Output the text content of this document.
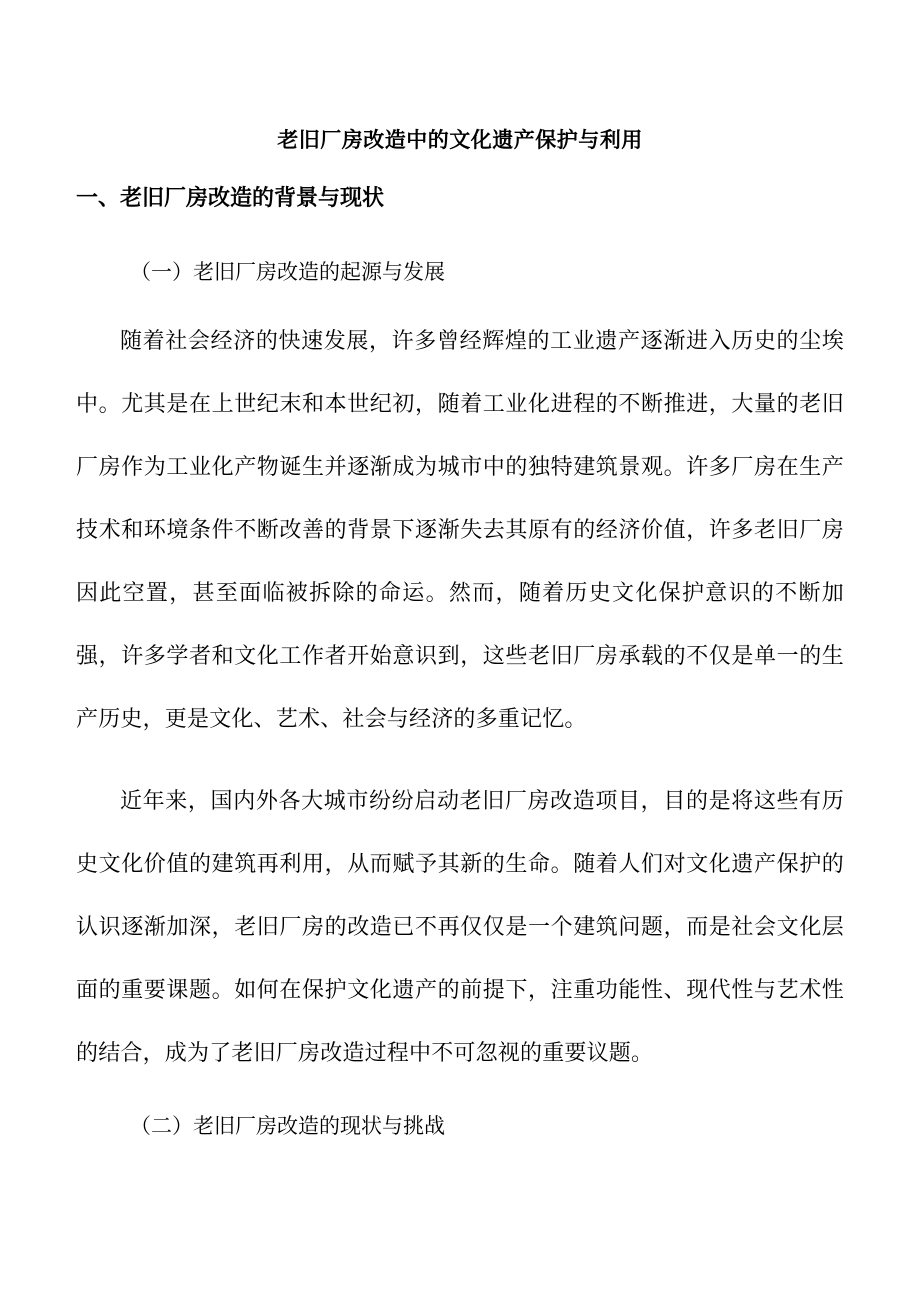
老旧厂房改造中的文化遗产保护与利用
一、老旧厂房改造的背景与现状
（一）老旧厂房改造的起源与发展

随着社会经济的快速发展，许多曾经辉煌的工业遗产逐渐进入历史的尘埃中。尤其是在上世纪末和本世纪初，随着工业化进程的不断推进，大量的老旧厂房作为工业化产物诞生并逐渐成为城市中的独特建筑景观。许多厂房在生产技术和环境条件不断改善的背景下逐渐失去其原有的经济价值，许多老旧厂房因此空置，甚至面临被拆除的命运。然而，随着历史文化保护意识的不断加强，许多学者和文化工作者开始意识到，这些老旧厂房承载的不仅是单一的生产历史，更是文化、艺术、社会与经济的多重记忆。

近年来，国内外各大城市纷纷启动老旧厂房改造项目，目的是将这些有历史文化价值的建筑再利用，从而赋予其新的生命。随着人们对文化遗产保护的认识逐渐加深，老旧厂房的改造已不再仅仅是一个建筑问题，而是社会文化层面的重要课题。如何在保护文化遗产的前提下，注重功能性、现代性与艺术性的结合，成为了老旧厂房改造过程中不可忽视的重要议题。

（二）老旧厂房改造的现状与挑战
